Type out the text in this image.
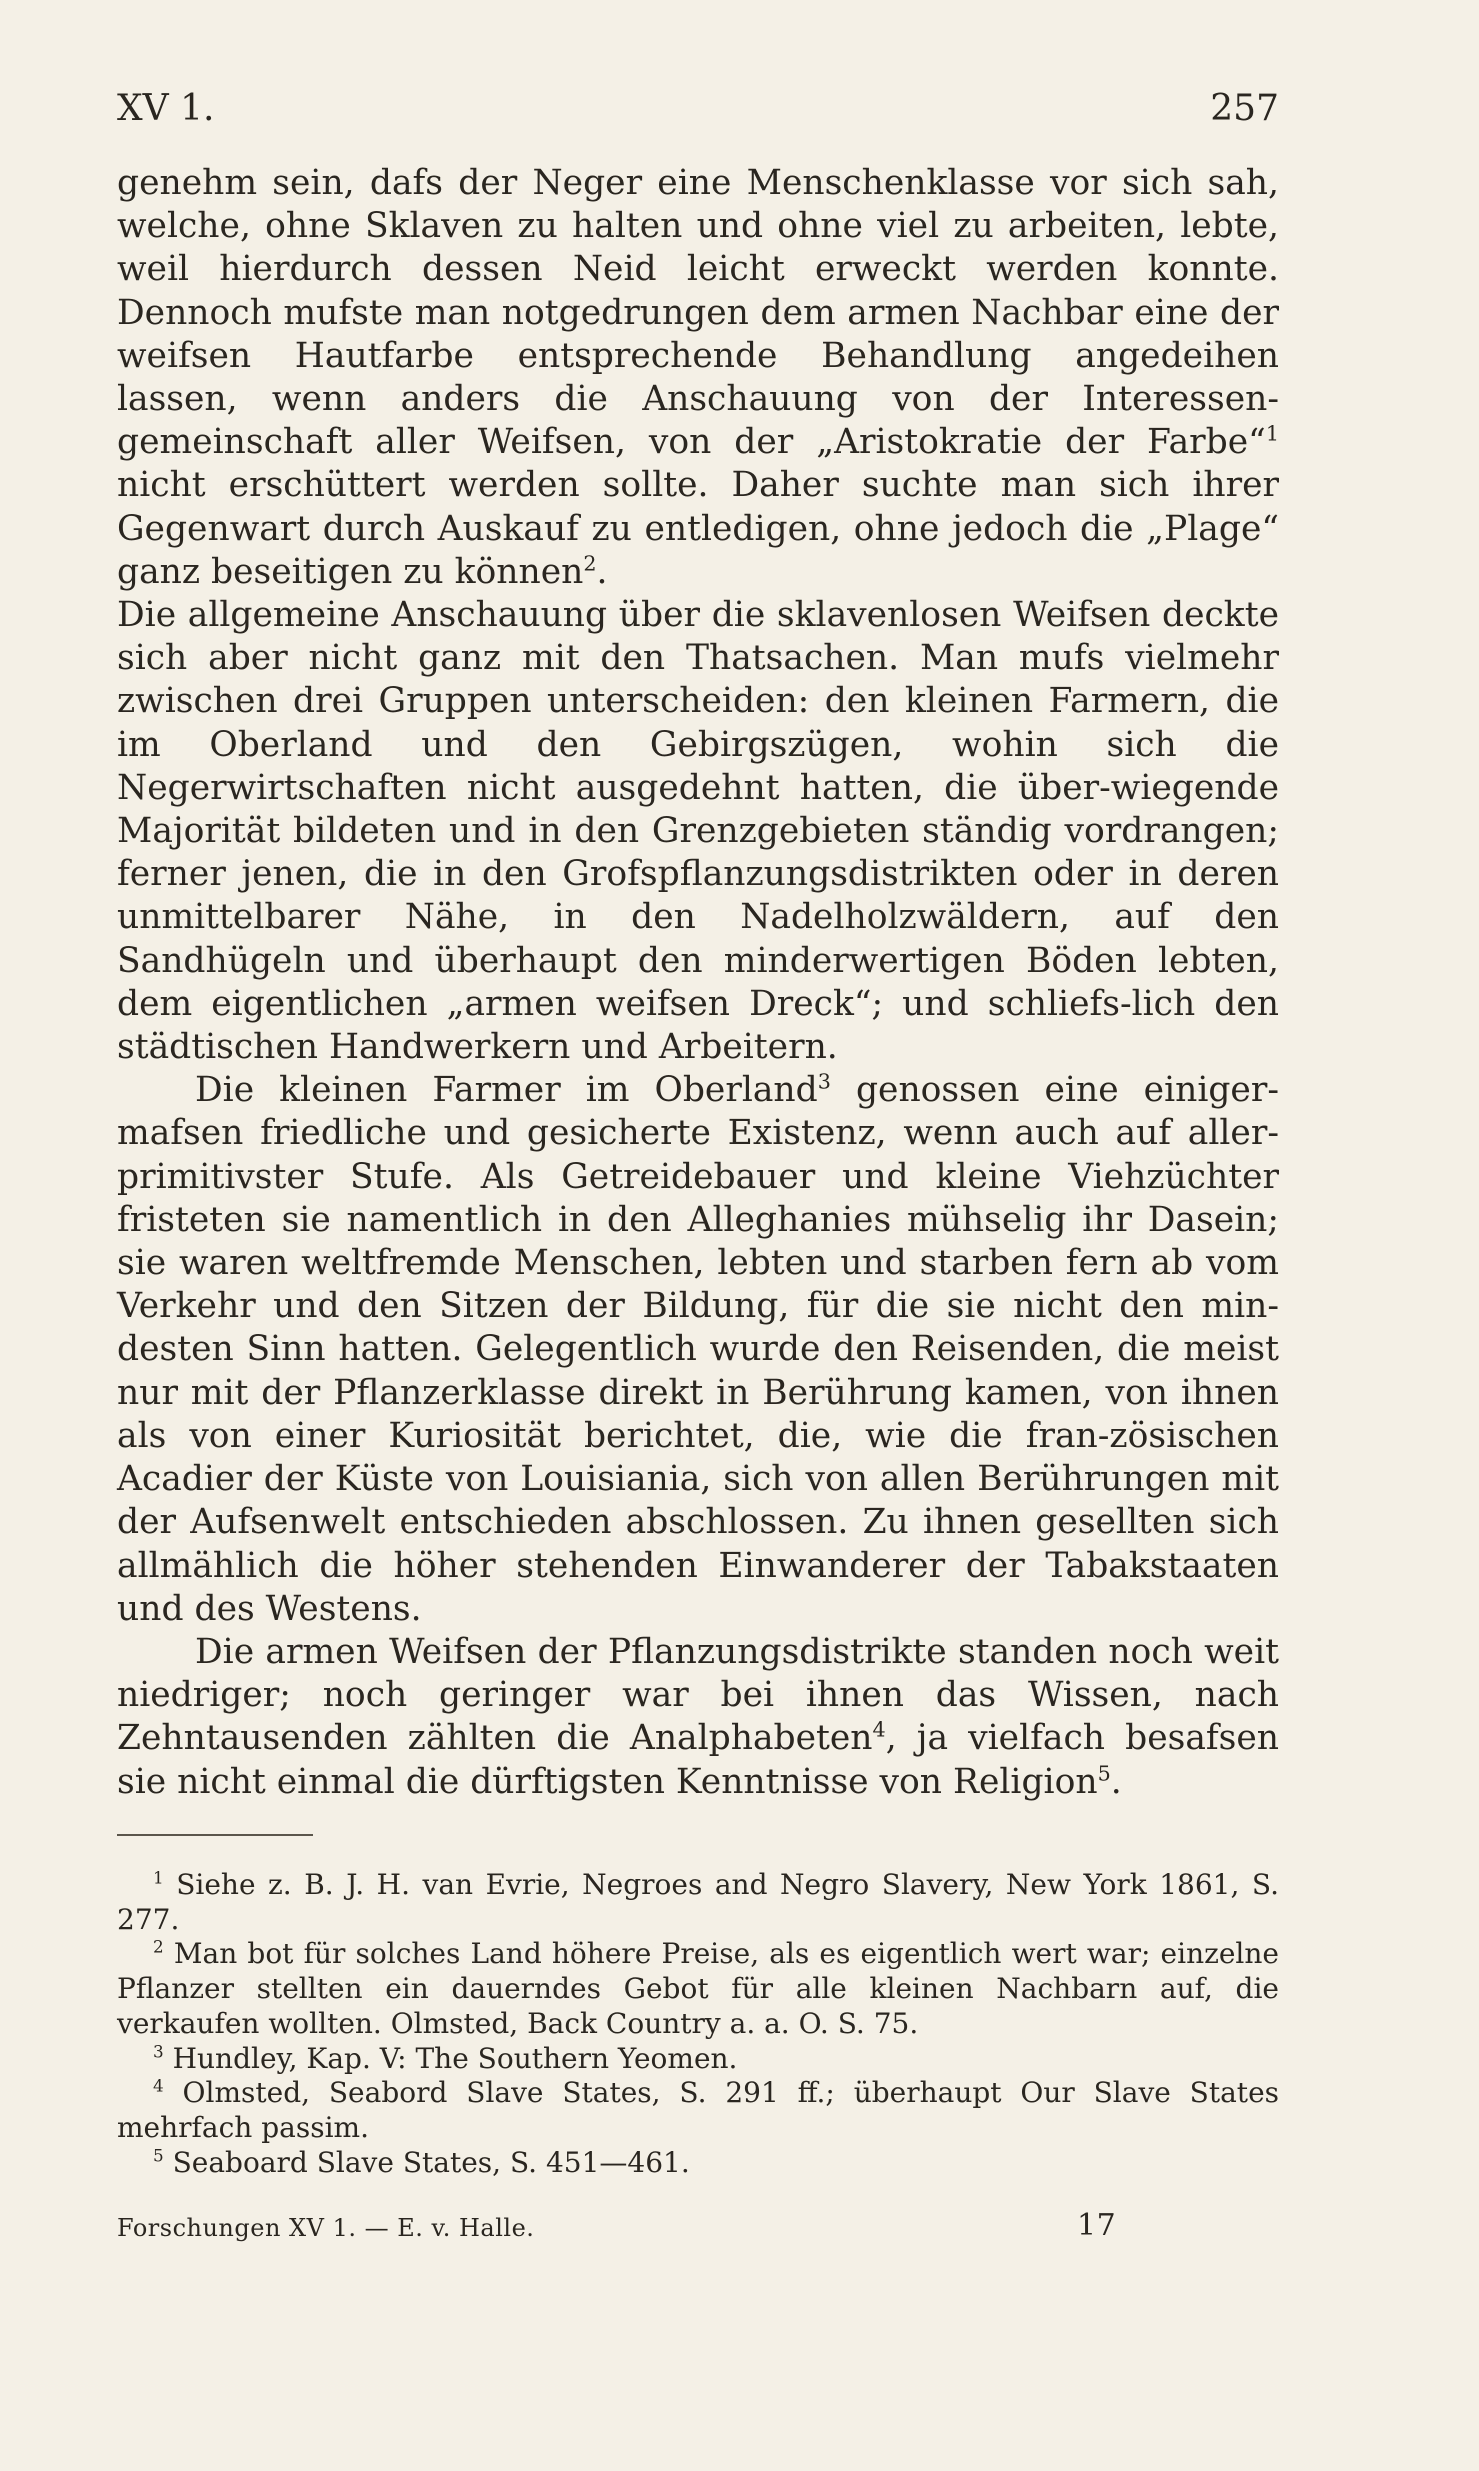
XV 1.	257

genehm sein, dafs der Neger eine Menschenklasse vor sich sah, welche, ohne Sklaven zu halten und ohne viel zu arbeiten, lebte, weil hierdurch dessen Neid leicht erweckt werden konnte. Dennoch mufste man notgedrungen dem armen Nachbar eine der weifsen Hautfarbe entsprechende Behandlung angedeihen lassen, wenn anders die Anschauung von der Interessen-gemeinschaft aller Weifsen, von der „Aristokratie der Farbe“$^1$ nicht erschüttert werden sollte. Daher suchte man sich ihrer Gegenwart durch Auskauf zu entledigen, ohne jedoch die „Plage“ ganz beseitigen zu können$^2$.

Die allgemeine Anschauung über die sklavenlosen Weifsen deckte sich aber nicht ganz mit den Thatsachen. Man mufs vielmehr zwischen drei Gruppen unterscheiden: den kleinen Farmern, die im Oberland und den Gebirgszügen, wohin sich die Negerwirtschaften nicht ausgedehnt hatten, die über-wiegende Majorität bildeten und in den Grenzgebieten ständig vordrangen; ferner jenen, die in den Grofspflanzungsdistrikten oder in deren unmittelbarer Nähe, in den Nadelholzwäldern, auf den Sandhügeln und überhaupt den minderwertigen Böden lebten, dem eigentlichen „armen weifsen Dreck“; und schliefs-lich den städtischen Handwerkern und Arbeitern.

Die kleinen Farmer im Oberland$^3$ genossen eine einiger-mafsen friedliche und gesicherte Existenz, wenn auch auf aller-primitivster Stufe. Als Getreidebauer und kleine Viehzüchter fristeten sie namentlich in den Alleghanies mühselig ihr Dasein; sie waren weltfremde Menschen, lebten und starben fern ab vom Verkehr und den Sitzen der Bildung, für die sie nicht den min-desten Sinn hatten. Gelegentlich wurde den Reisenden, die meist nur mit der Pflanzerklasse direkt in Berührung kamen, von ihnen als von einer Kuriosität berichtet, die, wie die fran-zösischen Acadier der Küste von Louisiania, sich von allen Berührungen mit der Aufsenwelt entschieden abschlossen. Zu ihnen gesellten sich allmählich die höher stehenden Einwanderer der Tabakstaaten und des Westens.

Die armen Weifsen der Pflanzungsdistrikte standen noch weit niedriger; noch geringer war bei ihnen das Wissen, nach Zehntausenden zählten die Analphabeten$^4$, ja vielfach besafsen sie nicht einmal die dürftigsten Kenntnisse von Religion$^5$.

$^1$ Siehe z. B. J. H. van Evrie, Negroes and Negro Slavery, New York 1861, S. 277.

$^2$ Man bot für solches Land höhere Preise, als es eigentlich wert war; einzelne Pflanzer stellten ein dauerndes Gebot für alle kleinen Nachbarn auf, die verkaufen wollten. Olmsted, Back Country a. a. O. S. 75.

$^3$ Hundley, Kap. V: The Southern Yeomen.

$^4$ Olmsted, Seabord Slave States, S. 291 ff.; überhaupt Our Slave States mehrfach passim.

$^5$ Seaboard Slave States, S. 451—461.

Forschungen XV 1. — E. v. Halle.	17
